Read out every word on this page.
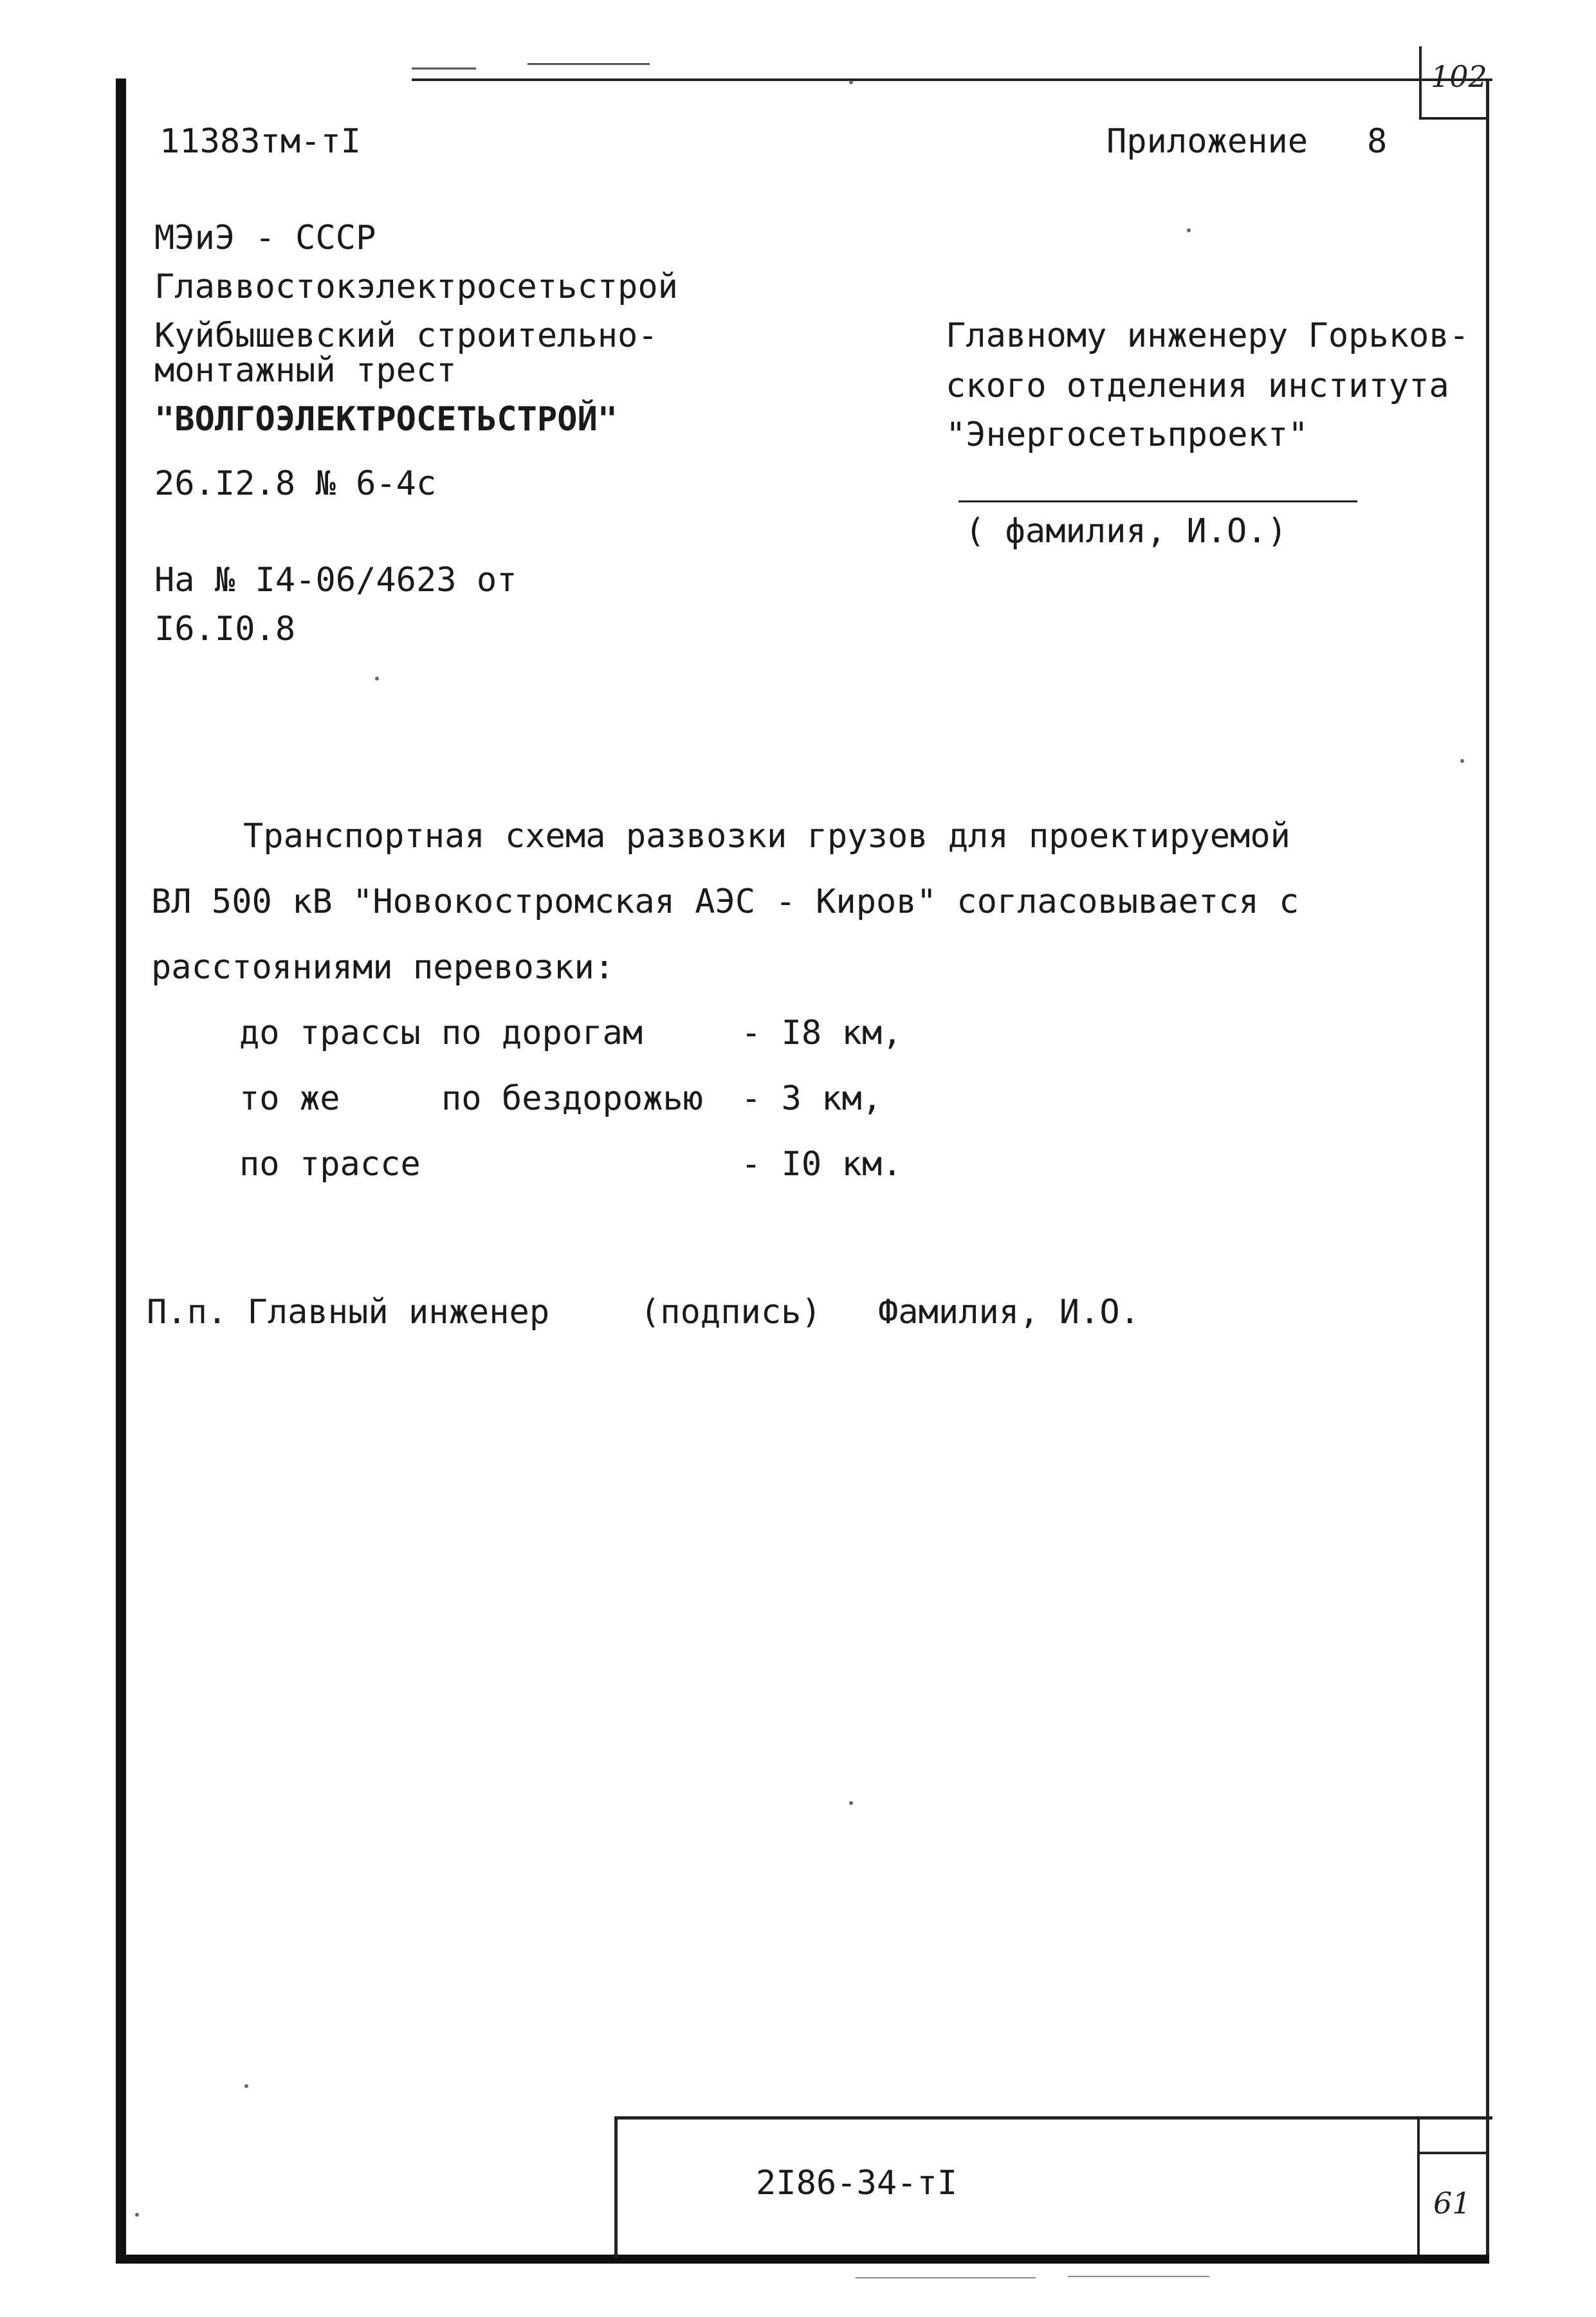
102
11383тм-тI	Приложение 8
МЭиЭ - СССР
Главвостокэлектросетьстрой
Куйбышевский строительно-
монтажный трест
"ВОЛГОЭЛЕКТРОСЕТЬСТРОЙ"
26.I2.8 № 6-4с
На № I4-06/4623 от
I6.I0.8
Главному инженеру Горьков-
ского отделения института
"Энергосетьпроект"
( фамилия, И.О.)
Транспортная схема развозки грузов для проектируемой
ВЛ 500 кВ "Новокостромская АЭС - Киров" согласовывается с
расстояниями перевозки:
до трассы по дорогам	- I8 км,
то же	по бездорожью - 3 км,
по трассе	- I0 км.
П.п. Главный инженер	(подпись) Фамилия, И.О.
2I86-34-тI
61
